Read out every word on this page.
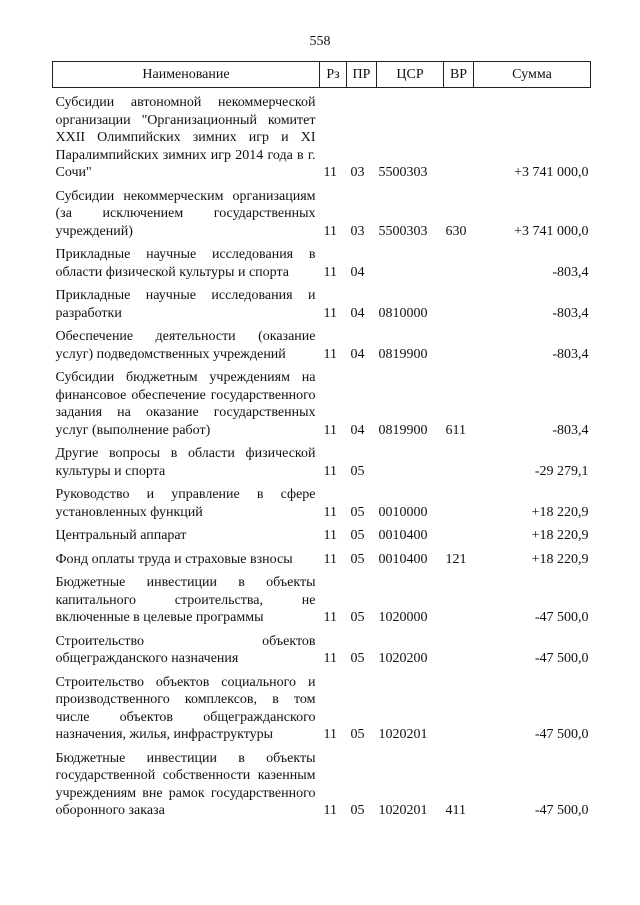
558
Наименование	Рз	ПР	ЦСР	ВР	Сумма
Субсидии автономной некоммерческой организации "Организационный комитет XXII Олимпийских зимних игр и XI Паралимпийских зимних игр 2014 года в г. Сочи"	11	03	5500303		+3 741 000,0
Субсидии некоммерческим организациям (за исключением государственных учреждений)	11	03	5500303	630	+3 741 000,0
Прикладные научные исследования в области физической культуры и спорта	11	04			-803,4
Прикладные научные исследования и разработки	11	04	0810000		-803,4
Обеспечение деятельности (оказание услуг) подведомственных учреждений	11	04	0819900		-803,4
Субсидии бюджетным учреждениям на финансовое обеспечение государственного задания на оказание государственных услуг (выполнение работ)	11	04	0819900	611	-803,4
Другие вопросы в области физической культуры и спорта	11	05			-29 279,1
Руководство и управление в сфере установленных функций	11	05	0010000		+18 220,9
Центральный аппарат	11	05	0010400		+18 220,9
Фонд оплаты труда и страховые взносы	11	05	0010400	121	+18 220,9
Бюджетные инвестиции в объекты капитального строительства, не включенные в целевые программы	11	05	1020000		-47 500,0
Строительство объектов общегражданского назначения	11	05	1020200		-47 500,0
Строительство объектов социального и производственного комплексов, в том числе объектов общегражданского назначения, жилья, инфраструктуры	11	05	1020201		-47 500,0
Бюджетные инвестиции в объекты государственной собственности казенным учреждениям вне рамок государственного оборонного заказа	11	05	1020201	411	-47 500,0
